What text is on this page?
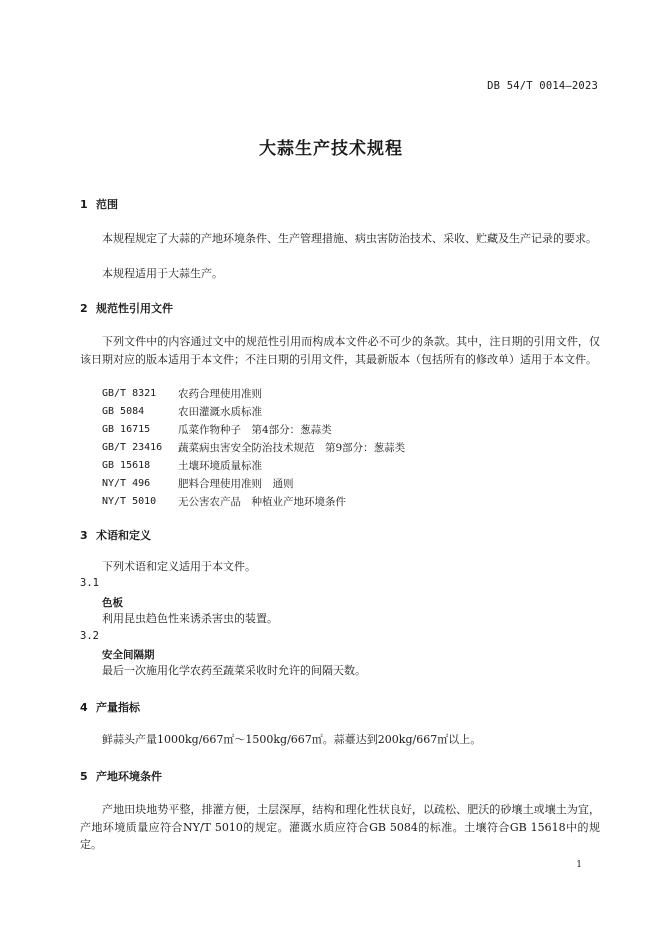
DB 54/T 0014—2023
大蒜生产技术规程
1 范围
本规程规定了大蒜的产地环境条件、生产管理措施、病虫害防治技术、采收、贮藏及生产记录的要求。
本规程适用于大蒜生产。
2 规范性引用文件
下列文件中的内容通过文中的规范性引用而构成本文件必不可少的条款。其中，注日期的引用文件，仅该日期对应的版本适用于本文件；不注日期的引用文件，其最新版本（包括所有的修改单）适用于本文件。
GB/T 8321	农药合理使用准则
GB 5084	农田灌溉水质标准
GB 16715	瓜菜作物种子　第4部分：葱蒜类
GB/T 23416	蔬菜病虫害安全防治技术规范　第9部分：葱蒜类
GB 15618	土壤环境质量标准
NY/T 496	肥料合理使用准则　通则
NY/T 5010	无公害农产品　种植业产地环境条件
3 术语和定义
下列术语和定义适用于本文件。
3.1
色板
利用昆虫趋色性来诱杀害虫的装置。
3.2
安全间隔期
最后一次施用化学农药至蔬菜采收时允许的间隔天数。
4 产量指标
鲜蒜头产量1000kg/667㎡～1500kg/667㎡。蒜薹达到200kg/667㎡以上。
5 产地环境条件
产地田块地势平整，排灌方便，土层深厚，结构和理化性状良好，以疏松、肥沃的砂壤土或壤土为宜，产地环境质量应符合NY/T 5010的规定。灌溉水质应符合GB 5084的标准。土壤符合GB 15618中的规定。
1
